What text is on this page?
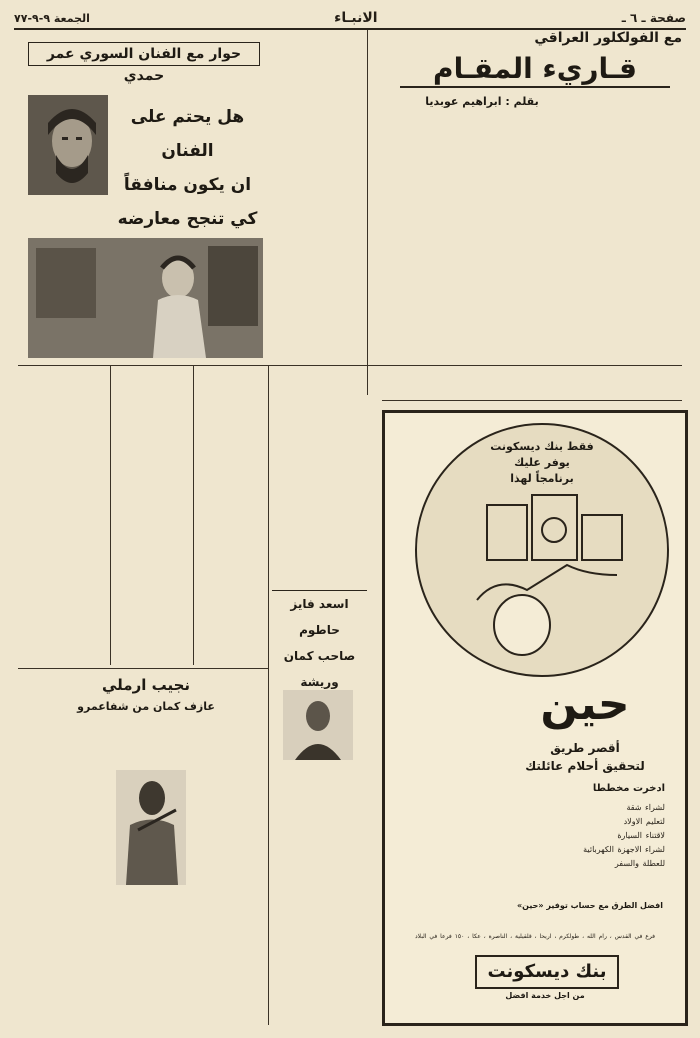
صفحة ـ ٦ ـ
الانبـاء
الجمعة ٩-٩-٧٧
مع الفولكلور العراقي
قـاريء المقـام
بقلم : ابراهيم عوبديا
حوار مع الفنان السوري عمر حمدي
هل يحتم على الفنان
ان يكون منافقاً
كي تنجح معارضه
اسعد فايز حاطوم
صاحب كمان
وريشة
نجيب ارملي
عازف كمان من شفاعمرو
فقط بنك ديسكونت
يوفر عليك
برنامجاً لهذا
حين
أقصر طريق
لتحقيق أحلام عائلتك
ادخرت مخططا
لشراء شقة
لتعليم الاولاد
لاقتناء السيارة
لشراء الاجهزة الكهربائية
للعطلة والسفر
افضل الطرق مع حساب توفير «حين»
فرع في القدس ، رام الله ، طولكرم ، اريحا ، قلقيلية ، الناصرة ، عكا ، ١٥٠ فرعا في البلاد
بنك ديسكونت
من اجل خدمة افضل
